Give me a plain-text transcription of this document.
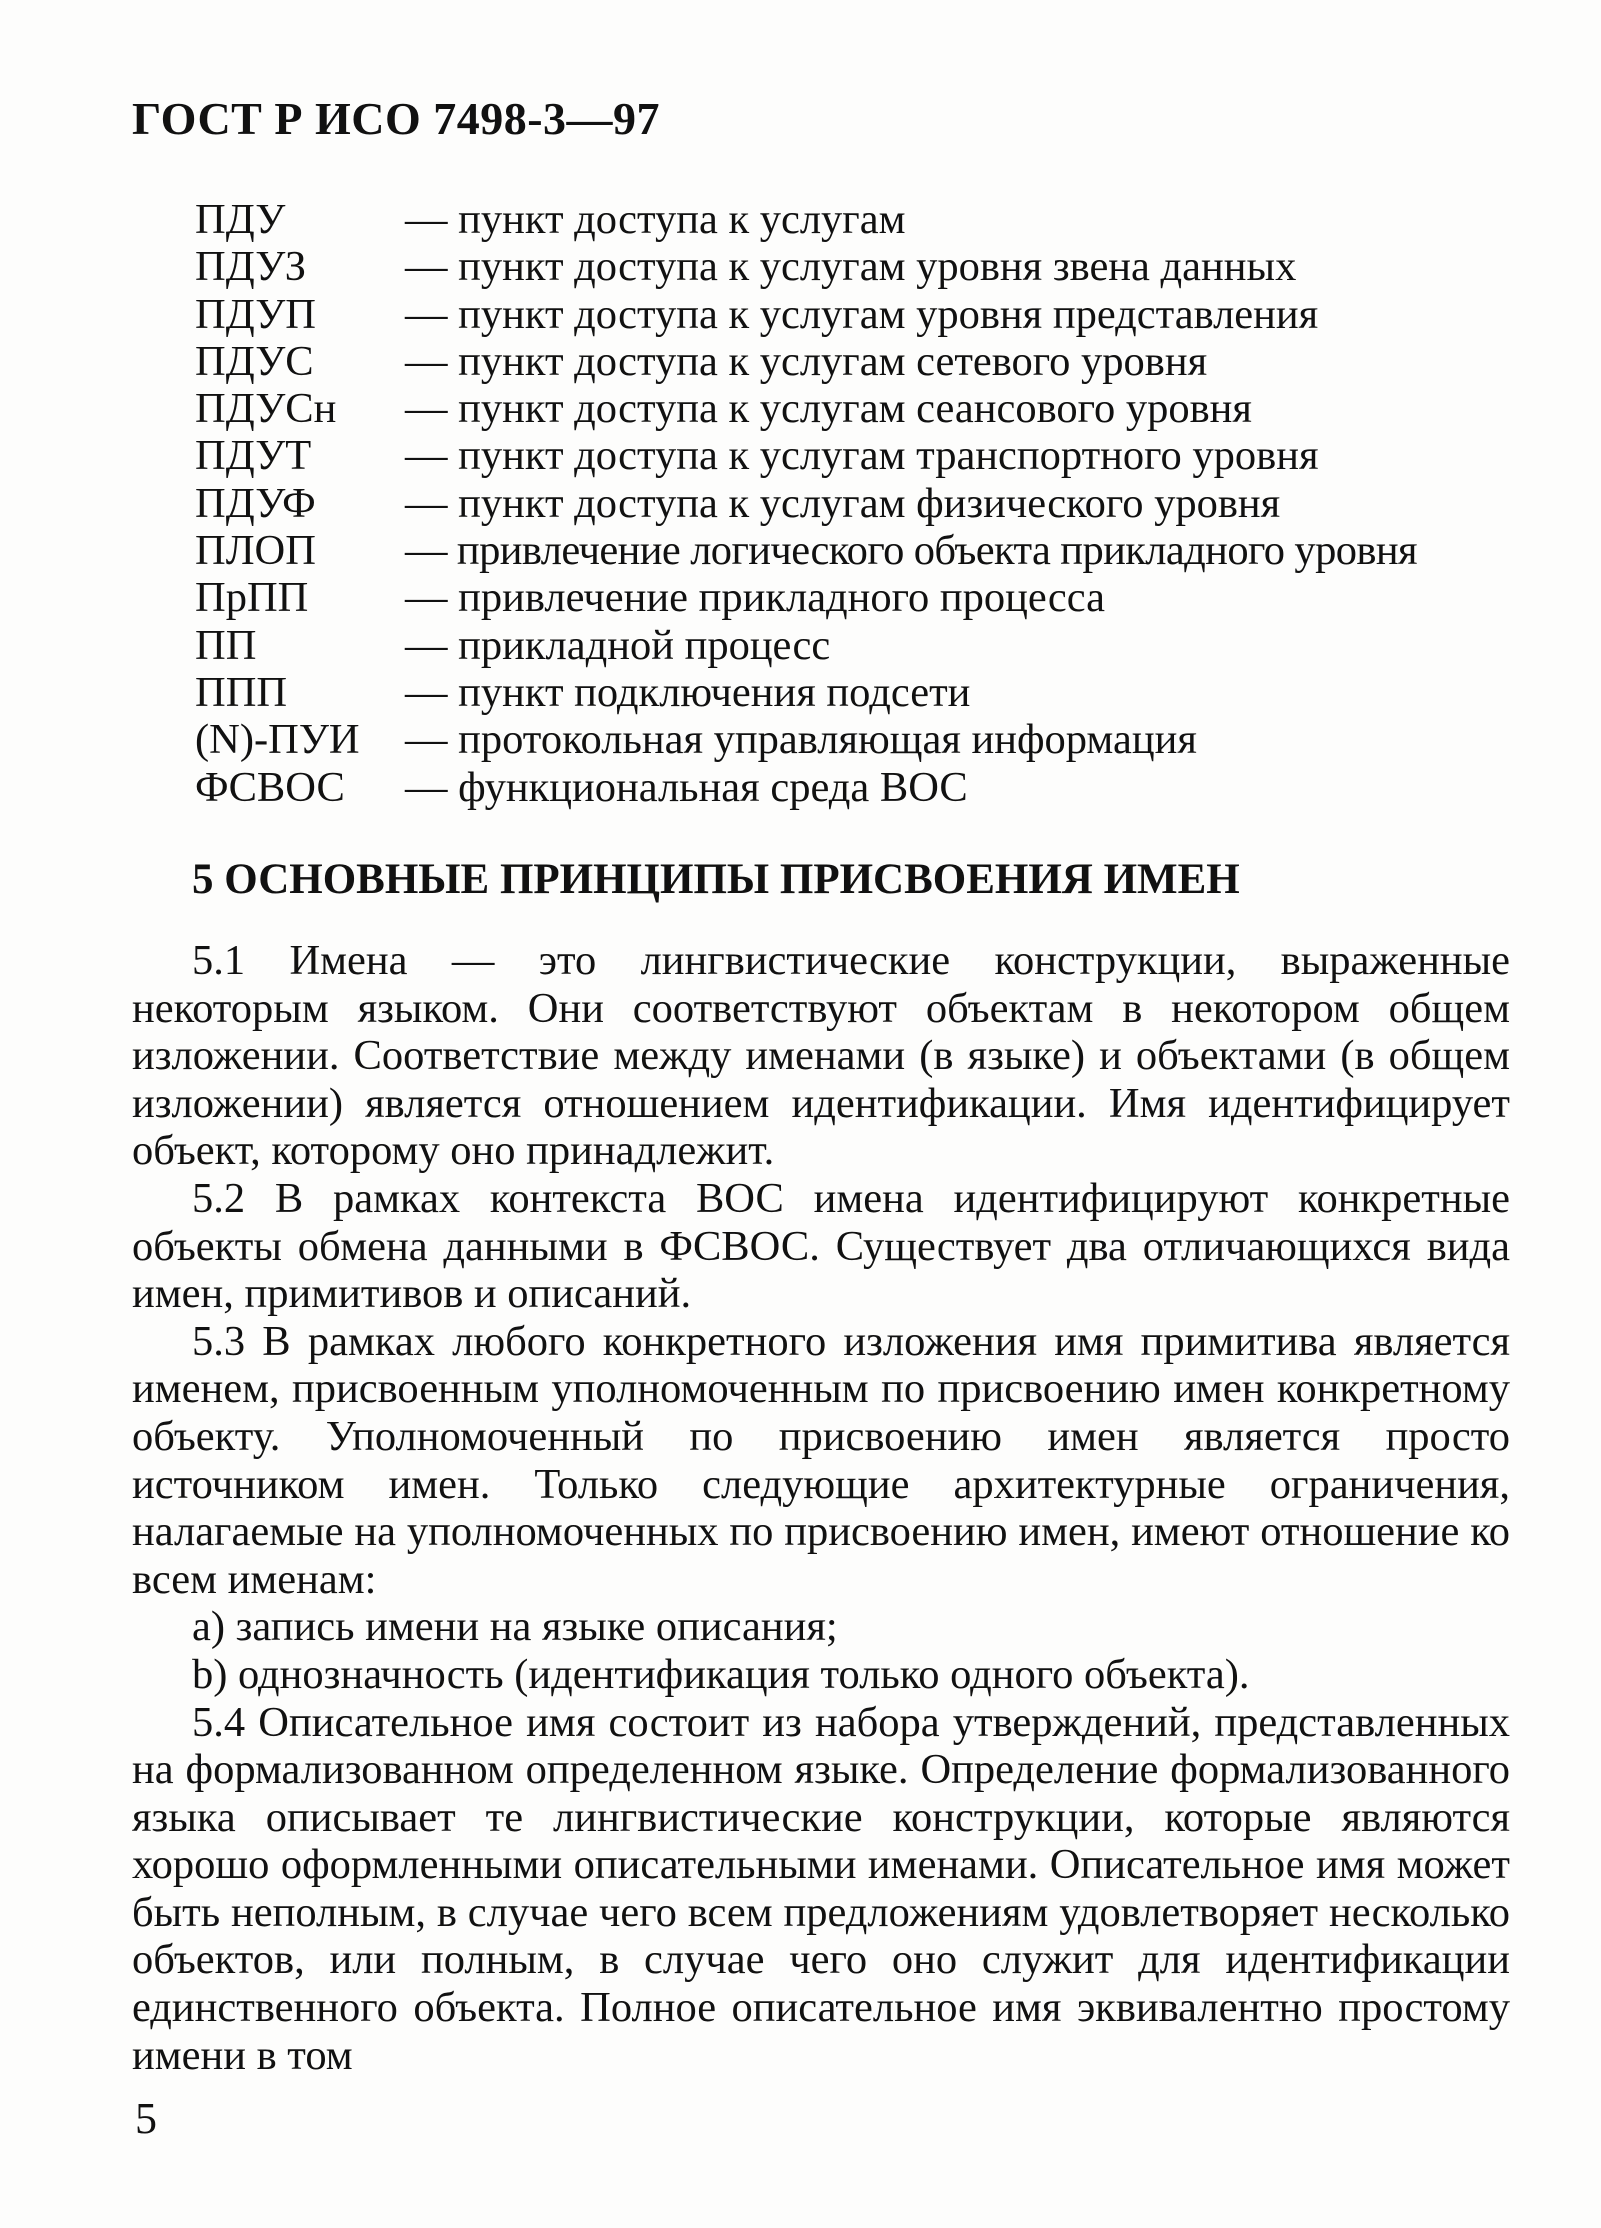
ГОСТ Р ИСО 7498-3—97
ПДУ	— пункт доступа к услугам
ПДУЗ	— пункт доступа к услугам уровня звена данных
ПДУП	— пункт доступа к услугам уровня представления
ПДУС	— пункт доступа к услугам сетевого уровня
ПДУСн	— пункт доступа к услугам сеансового уровня
ПДУТ	— пункт доступа к услугам транспортного уровня
ПДУФ	— пункт доступа к услугам физического уровня
ПЛОП	— привлечение логического объекта прикладного уровня
ПрПП	— привлечение прикладного процесса
ПП	— прикладной процесс
ППП	— пункт подключения подсети
(N)-ПУИ	— протокольная управляющая информация
ФСВОС	— функциональная среда ВОС
5 ОСНОВНЫЕ ПРИНЦИПЫ ПРИСВОЕНИЯ ИМЕН

5.1 Имена — это лингвистические конструкции, выраженные некоторым языком. Они соответствуют объектам в некотором общем изложении. Соответствие между именами (в языке) и объектами (в общем изложении) является отношением идентификации. Имя идентифицирует объект, которому оно принадлежит.

5.2 В рамках контекста ВОС имена идентифицируют конкретные объекты обмена данными в ФСВОС. Существует два отличающихся вида имен, примитивов и описаний.

5.3 В рамках любого конкретного изложения имя примитива является именем, присвоенным уполномоченным по присвоению имен конкретному объекту. Уполномоченный по присвоению имен является просто источником имен. Только следующие архитектурные ограничения, налагаемые на уполномоченных по присвоению имен, имеют отношение ко всем именам:

а) запись имени на языке описания;

b) однозначность (идентификация только одного объекта).

5.4 Описательное имя состоит из набора утверждений, представленных на формализованном определенном языке. Определение формализованного языка описывает те лингвистические конструкции, которые являются хорошо оформленными описательными именами. Описательное имя может быть неполным, в случае чего всем предложениям удовлетворяет несколько объектов, или полным, в случае чего оно служит для идентификации единственного объекта. Полное описательное имя эквивалентно простому имени в том

5
